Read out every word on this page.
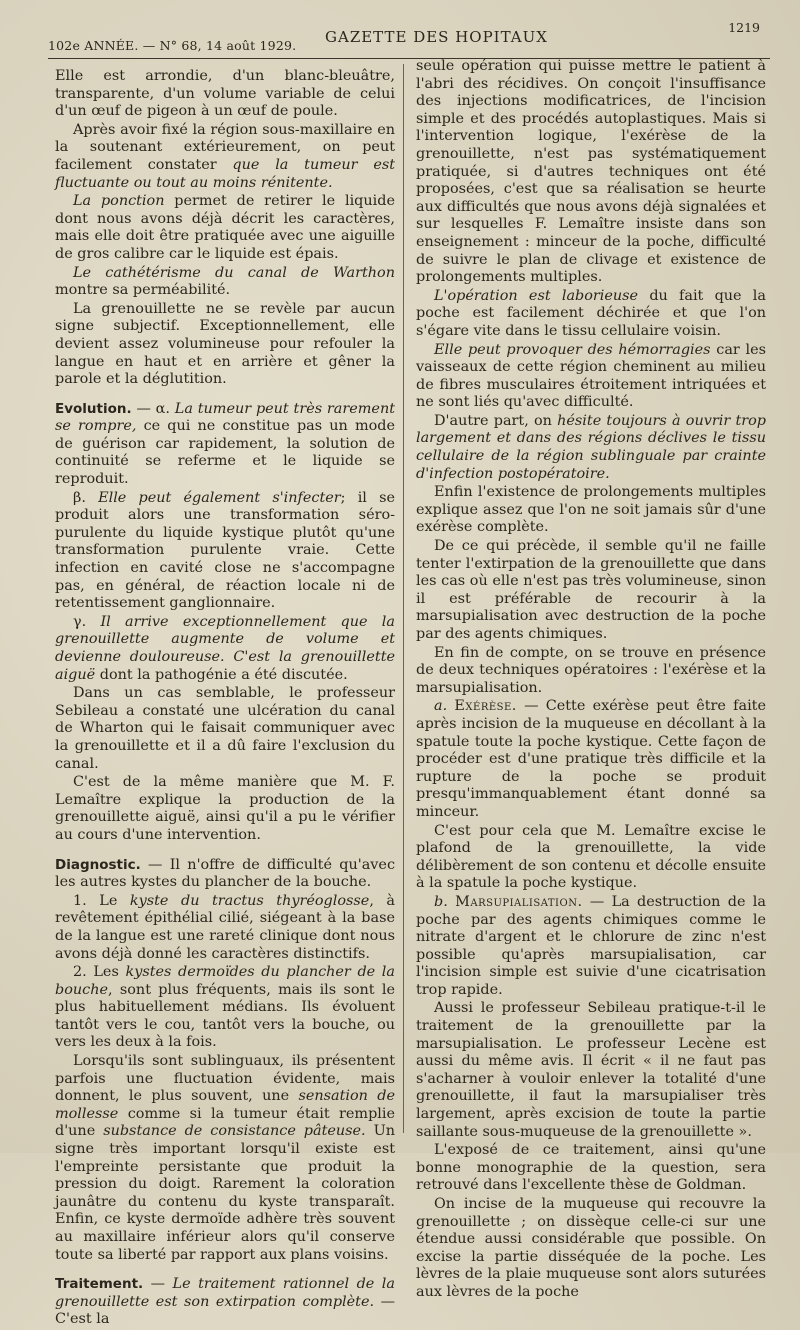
102e ANNÉE. — N° 68, 14 août 1929. GAZETTE DES HOPITAUX
1219

Elle est arrondie, d'un blanc-bleuâtre, transparente, d'un volume variable de celui d'un œuf de pigeon à un œuf de poule.

Après avoir fixé la région sous-maxillaire en la soutenant extérieurement, on peut facilement constater que la tumeur est fluctuante ou tout au moins rénitente.

La ponction permet de retirer le liquide dont nous avons déjà décrit les caractères, mais elle doit être pratiquée avec une aiguille de gros calibre car le liquide est épais.

Le cathétérisme du canal de Warthon montre sa perméabilité.

La grenouillette ne se revèle par aucun signe subjectif. Exceptionnellement, elle devient assez volumineuse pour refouler la langue en haut et en arrière et gêner la parole et la déglutition.

Evolution. — α. La tumeur peut très rarement se rompre, ce qui ne constitue pas un mode de guérison car rapidement, la solution de continuité se referme et le liquide se reproduit.

β. Elle peut également s'infecter; il se produit alors une transformation séro-purulente du liquide kystique plutôt qu'une transformation purulente vraie. Cette infection en cavité close ne s'accompagne pas, en général, de réaction locale ni de retentissement ganglionnaire.

γ. Il arrive exceptionnellement que la grenouillette augmente de volume et devienne douloureuse. C'est la grenouillette aiguë dont la pathogénie a été discutée.

Dans un cas semblable, le professeur Sebileau a constaté une ulcération du canal de Wharton qui le faisait communiquer avec la grenouillette et il a dû faire l'exclusion du canal.

C'est de la même manière que M. F. Lemaître explique la production de la grenouillette aiguë, ainsi qu'il a pu le vérifier au cours d'une intervention.

Diagnostic. — Il n'offre de difficulté qu'avec les autres kystes du plancher de la bouche.

1. Le kyste du tractus thyréoglosse, à revêtement épithélial cilié, siégeant à la base de la langue est une rareté clinique dont nous avons déjà donné les caractères distinctifs.

2. Les kystes dermoïdes du plancher de la bouche, sont plus fréquents, mais ils sont le plus habituellement médians. Ils évoluent tantôt vers le cou, tantôt vers la bouche, ou vers les deux à la fois.

Lorsqu'ils sont sublinguaux, ils présentent parfois une fluctuation évidente, mais donnent, le plus souvent, une sensation de mollesse comme si la tumeur était remplie d'une substance de consistance pâteuse. Un signe très important lorsqu'il existe est l'empreinte persistante que produit la pression du doigt. Rarement la coloration jaunâtre du contenu du kyste transparaît. Enfin, ce kyste dermoïde adhère très souvent au maxillaire inférieur alors qu'il conserve toute sa liberté par rapport aux plans voisins.

Traitement. — Le traitement rationnel de la grenouillette est son extirpation complète. — C'est la

seule opération qui puisse mettre le patient à l'abri des récidives. On conçoit l'insuffisance des injections modificatrices, de l'incision simple et des procédés autoplastiques. Mais si l'intervention logique, l'exérèse de la grenouillette, n'est pas systématiquement pratiquée, si d'autres techniques ont été proposées, c'est que sa réalisation se heurte aux difficultés que nous avons déjà signalées et sur lesquelles F. Lemaître insiste dans son enseignement : minceur de la poche, difficulté de suivre le plan de clivage et existence de prolongements multiples.

L'opération est laborieuse du fait que la poche est facilement déchirée et que l'on s'égare vite dans le tissu cellulaire voisin.

Elle peut provoquer des hémorragies car les vaisseaux de cette région cheminent au milieu de fibres musculaires étroitement intriquées et ne sont liés qu'avec difficulté.

D'autre part, on hésite toujours à ouvrir trop largement et dans des régions déclives le tissu cellulaire de la région sublinguale par crainte d'infection postopératoire.

Enfin l'existence de prolongements multiples explique assez que l'on ne soit jamais sûr d'une exérèse complète.

De ce qui précède, il semble qu'il ne faille tenter l'extirpation de la grenouillette que dans les cas où elle n'est pas très volumineuse, sinon il est préférable de recourir à la marsupialisation avec destruction de la poche par des agents chimiques.

En fin de compte, on se trouve en présence de deux techniques opératoires : l'exérèse et la marsupialisation.

a. Exérèse. — Cette exérèse peut être faite après incision de la muqueuse en décollant à la spatule toute la poche kystique. Cette façon de procéder est d'une pratique très difficile et la rupture de la poche se produit presqu'immanquablement étant donné sa minceur.

C'est pour cela que M. Lemaître excise le plafond de la grenouillette, la vide délibèrement de son contenu et décolle ensuite à la spatule la poche kystique.

b. Marsupialisation. — La destruction de la poche par des agents chimiques comme le nitrate d'argent et le chlorure de zinc n'est possible qu'après marsupialisation, car l'incision simple est suivie d'une cicatrisation trop rapide.

Aussi le professeur Sebileau pratique-t-il le traitement de la grenouillette par la marsupialisation. Le professeur Lecène est aussi du même avis. Il écrit « il ne faut pas s'acharner à vouloir enlever la totalité d'une grenouillette, il faut la marsupialiser très largement, après excision de toute la partie saillante sous-muqueuse de la grenouillette ».

L'exposé de ce traitement, ainsi qu'une bonne monographie de la question, sera retrouvé dans l'excellente thèse de Goldman.

On incise de la muqueuse qui recouvre la grenouillette ; on dissèque celle-ci sur une étendue aussi considérable que possible. On excise la partie disséquée de la poche. Les lèvres de la plaie muqueuse sont alors suturées aux lèvres de la poche
